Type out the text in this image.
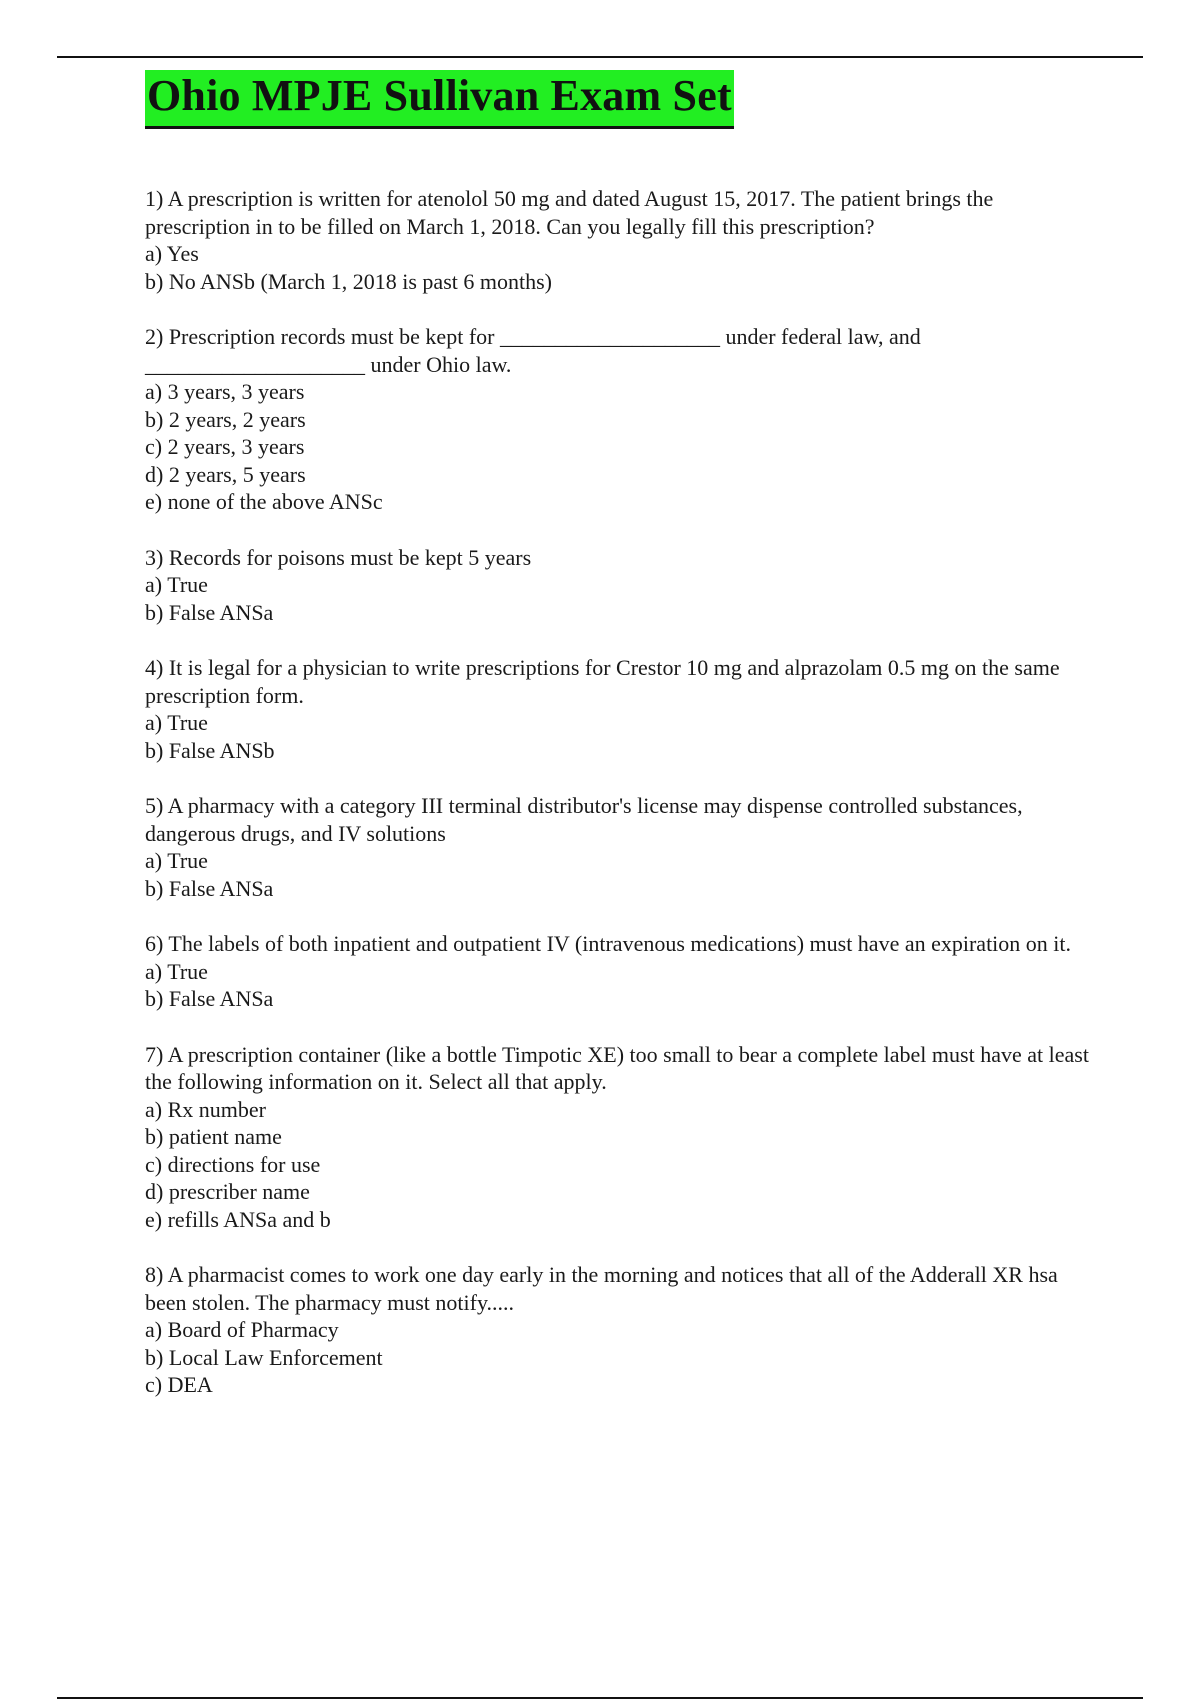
Ohio MPJE Sullivan Exam Set
1) A prescription is written for atenolol 50 mg and dated August 15, 2017. The patient brings the prescription in to be filled on March 1, 2018. Can you legally fill this prescription?
a) Yes
b) No ANSb (March 1, 2018 is past 6 months)
2) Prescription records must be kept for ____________________ under federal law, and ____________________ under Ohio law.
a) 3 years, 3 years
b) 2 years, 2 years
c) 2 years, 3 years
d) 2 years, 5 years
e) none of the above ANSc
3) Records for poisons must be kept 5 years
a) True
b) False ANSa
4) It is legal for a physician to write prescriptions for Crestor 10 mg and alprazolam 0.5 mg on the same prescription form.
a) True
b) False ANSb
5) A pharmacy with a category III terminal distributor's license may dispense controlled substances, dangerous drugs, and IV solutions
a) True
b) False ANSa
6) The labels of both inpatient and outpatient IV (intravenous medications) must have an expiration on it.
a) True
b) False ANSa
7) A prescription container (like a bottle Timpotic XE) too small to bear a complete label must have at least the following information on it. Select all that apply.
a) Rx number
b) patient name
c) directions for use
d) prescriber name
e) refills ANSa and b
8) A pharmacist comes to work one day early in the morning and notices that all of the Adderall XR hsa been stolen. The pharmacy must notify.....
a) Board of Pharmacy
b) Local Law Enforcement
c) DEA
